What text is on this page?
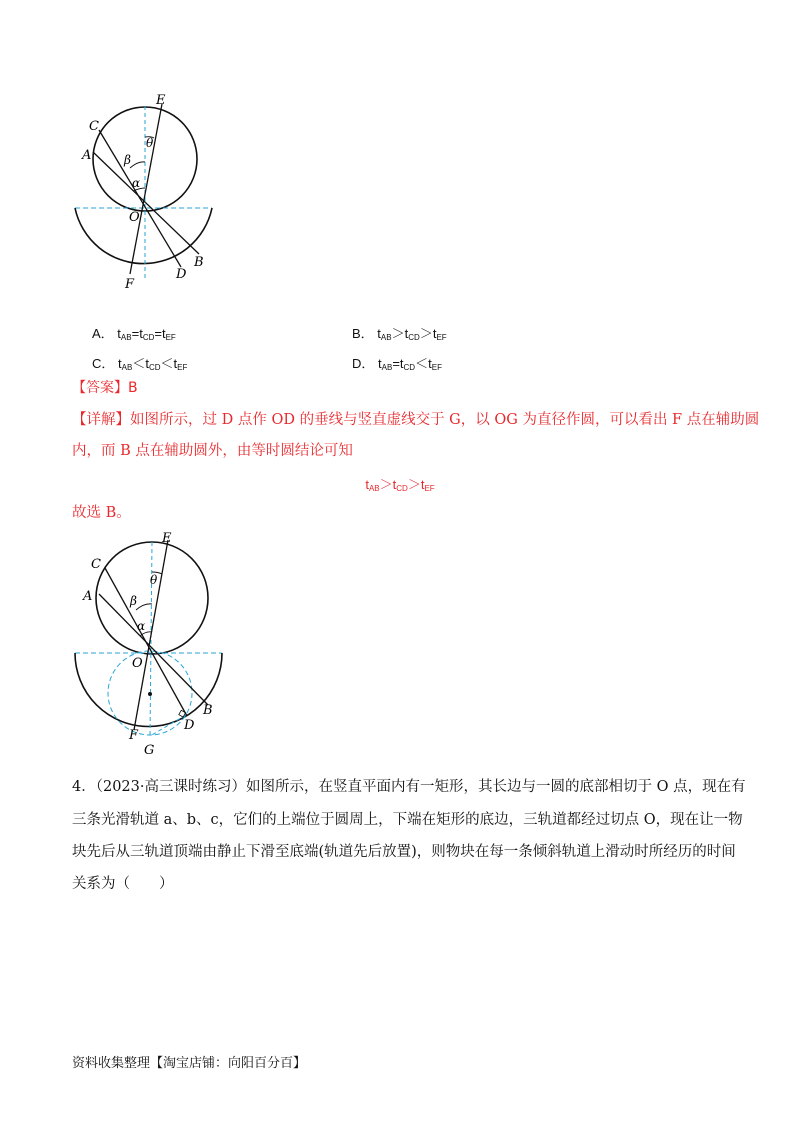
E
C
A
θ
β
α
O
B
D
F
A． $t_{AB}=t_{CD}=t_{EF}$	B． $t_{AB}>t_{CD}>t_{EF}$
C． $t_{AB}<t_{CD}<t_{EF}$	D． $t_{AB}=t_{CD}<t_{EF}$
【答案】B
【详解】如图所示，过 D 点作 OD 的垂线与竖直虚线交于 G，以 OG 为直径作圆，可以看出 F 点在辅助圆
内，而 B 点在辅助圆外，由等时圆结论可知
$t_{AB}>t_{CD}>t_{EF}$
故选 B。
E
C
A
θ
β
α
O
B
D
F
G
4．（2023·高三课时练习）如图所示，在竖直平面内有一矩形，其长边与一圆的底部相切于 O 点，现在有
三条光滑轨道 a、b、c，它们的上端位于圆周上，下端在矩形的底边，三轨道都经过切点 O，现在让一物
块先后从三轨道顶端由静止下滑至底端(轨道先后放置)，则物块在每一条倾斜轨道上滑动时所经历的时间
关系为（　　）
资料收集整理【淘宝店铺：向阳百分百】
